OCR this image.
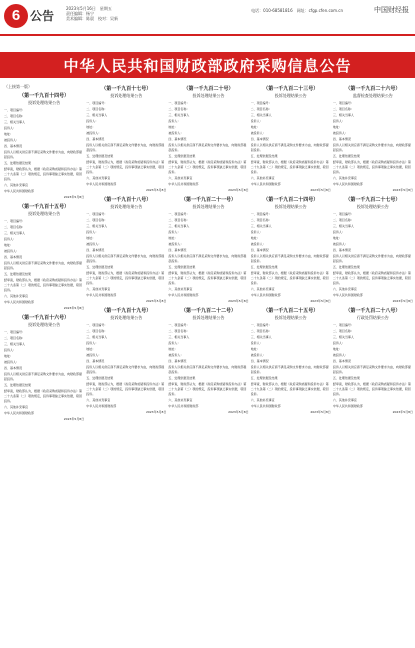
6 公告
2023年5月16日　星期五
责任编辑：杨宁
美术编辑：陈晨　校对：吴新
电话：010-68581816　网址：cfgp.cfen.com.cn	中国财经报
中华人民共和国财政部政府采购信息公告
（上接第一版）
（第一千九百十四号）
投诉处理结果公告
一、项目编号：
二、项目名称：
三、相关当事人
投诉人：
地址：
被投诉人：
四、基本情况
投诉人以相关供应商不满足采购文件要求为由，向财政部提起投诉。
五、处理依据及结果
经审查，财政部认为，根据《政府采购质疑和投诉办法》第二十九条第（二）项的规定，投诉事项缺乏事实依据，驳回投诉。
六、其他补充事宜
中华人民共和国财政部
2023年5月8日
（第一千九百十五号）
投诉处理结果公告
一、项目编号：
二、项目名称：
三、相关当事人
投诉人：
地址：
被投诉人：
四、基本情况
投诉人以相关供应商不满足采购文件要求为由，向财政部提起投诉。
五、处理依据及结果
经审查，财政部认为，根据《政府采购质疑和投诉办法》第二十九条第（二）项的规定，投诉事项缺乏事实依据，驳回投诉。
六、其他补充事宜
中华人民共和国财政部
2023年5月8日
（第一千九百十六号）
投诉处理结果公告
一、项目编号：
二、项目名称：
三、相关当事人
投诉人：
地址：
被投诉人：
四、基本情况
投诉人以相关供应商不满足采购文件要求为由，向财政部提起投诉。
五、处理依据及结果
经审查，财政部认为，根据《政府采购质疑和投诉办法》第二十九条第（二）项的规定，投诉事项缺乏事实依据，驳回投诉。
六、其他补充事宜
中华人民共和国财政部
2023年5月8日
（第一千九百十七号）
投诉处理结果公告
一、项目编号：
二、项目名称：
三、相关当事人
投诉人：
地址：
被投诉人：
四、基本情况
投诉人以相关供应商不满足采购文件要求为由，向财政部提起投诉。
五、处理依据及结果
经审查，财政部认为，根据《政府采购质疑和投诉办法》第二十九条第（二）项的规定，投诉事项缺乏事实依据，驳回投诉。
六、其他补充事宜
中华人民共和国财政部
2023年5月8日
（第一千九百十八号）
投诉处理结果公告
一、项目编号：
二、项目名称：
三、相关当事人
投诉人：
地址：
被投诉人：
四、基本情况
投诉人以相关供应商不满足采购文件要求为由，向财政部提起投诉。
五、处理依据及结果
经审查，财政部认为，根据《政府采购质疑和投诉办法》第二十九条第（二）项的规定，投诉事项缺乏事实依据，驳回投诉。
六、其他补充事宜
中华人民共和国财政部
2023年5月8日
（第一千九百十九号）
投诉处理结果公告
一、项目编号：
二、项目名称：
三、相关当事人
投诉人：
地址：
被投诉人：
四、基本情况
投诉人以相关供应商不满足采购文件要求为由，向财政部提起投诉。
五、处理依据及结果
经审查，财政部认为，根据《政府采购质疑和投诉办法》第二十九条第（二）项的规定，投诉事项缺乏事实依据，驳回投诉。
六、其他补充事宜
中华人民共和国财政部
2023年5月8日
（第一千九百二十号）
投诉处理结果公告
一、项目编号：
二、项目名称：
三、相关当事人
投诉人：
地址：
被投诉人：
四、基本情况
投诉人以相关供应商不满足采购文件要求为由，向财政部提起投诉。
五、处理依据及结果
经审查，财政部认为，根据《政府采购质疑和投诉办法》第二十九条第（二）项的规定，投诉事项缺乏事实依据，驳回投诉。
六、其他补充事宜
中华人民共和国财政部
2023年5月8日
（第一千九百二十一号）
投诉处理结果公告
一、项目编号：
二、项目名称：
三、相关当事人
投诉人：
地址：
被投诉人：
四、基本情况
投诉人以相关供应商不满足采购文件要求为由，向财政部提起投诉。
五、处理依据及结果
经审查，财政部认为，根据《政府采购质疑和投诉办法》第二十九条第（二）项的规定，投诉事项缺乏事实依据，驳回投诉。
六、其他补充事宜
中华人民共和国财政部
2023年5月8日
（第一千九百二十二号）
投诉处理结果公告
一、项目编号：
二、项目名称：
三、相关当事人
投诉人：
地址：
被投诉人：
四、基本情况
投诉人以相关供应商不满足采购文件要求为由，向财政部提起投诉。
五、处理依据及结果
经审查，财政部认为，根据《政府采购质疑和投诉办法》第二十九条第（二）项的规定，投诉事项缺乏事实依据，驳回投诉。
六、其他补充事宜
中华人民共和国财政部
2023年5月8日
（第一千九百二十三号）
投诉处理结果公告
一、项目编号：
二、项目名称：
三、相关当事人
投诉人：
地址：
被投诉人：
四、基本情况
投诉人以相关供应商不满足采购文件要求为由，向财政部提起投诉。
五、处理依据及结果
经审查，财政部认为，根据《政府采购质疑和投诉办法》第二十九条第（二）项的规定，投诉事项缺乏事实依据，驳回投诉。
六、其他补充事宜
中华人民共和国财政部
2023年5月8日
（第一千九百二十四号）
投诉处理结果公告
一、项目编号：
二、项目名称：
三、相关当事人
投诉人：
地址：
被投诉人：
四、基本情况
投诉人以相关供应商不满足采购文件要求为由，向财政部提起投诉。
五、处理依据及结果
经审查，财政部认为，根据《政府采购质疑和投诉办法》第二十九条第（二）项的规定，投诉事项缺乏事实依据，驳回投诉。
六、其他补充事宜
中华人民共和国财政部
2023年5月8日
（第一千九百二十五号）
投诉处理结果公告
一、项目编号：
二、项目名称：
三、相关当事人
投诉人：
地址：
被投诉人：
四、基本情况
投诉人以相关供应商不满足采购文件要求为由，向财政部提起投诉。
五、处理依据及结果
经审查，财政部认为，根据《政府采购质疑和投诉办法》第二十九条第（二）项的规定，投诉事项缺乏事实依据，驳回投诉。
六、其他补充事宜
中华人民共和国财政部
2023年5月8日
（第一千九百二十六号）
监督检查处理结果公告
一、项目编号：
二、项目名称：
三、相关当事人
投诉人：
地址：
被投诉人：
四、基本情况
投诉人以相关供应商不满足采购文件要求为由，向财政部提起投诉。
五、处理依据及结果
经审查，财政部认为，根据《政府采购质疑和投诉办法》第二十九条第（二）项的规定，投诉事项缺乏事实依据，驳回投诉。
六、其他补充事宜
中华人民共和国财政部
2023年5月8日
（第一千九百二十七号）
投诉处理结果公告
一、项目编号：
二、项目名称：
三、相关当事人
投诉人：
地址：
被投诉人：
四、基本情况
投诉人以相关供应商不满足采购文件要求为由，向财政部提起投诉。
五、处理依据及结果
经审查，财政部认为，根据《政府采购质疑和投诉办法》第二十九条第（二）项的规定，投诉事项缺乏事实依据，驳回投诉。
六、其他补充事宜
中华人民共和国财政部
2023年5月8日
（第一千九百二十八号）
行政处罚结果公告
一、项目编号：
二、项目名称：
三、相关当事人
投诉人：
地址：
被投诉人：
四、基本情况
投诉人以相关供应商不满足采购文件要求为由，向财政部提起投诉。
五、处理依据及结果
经审查，财政部认为，根据《政府采购质疑和投诉办法》第二十九条第（二）项的规定，投诉事项缺乏事实依据，驳回投诉。
六、其他补充事宜
中华人民共和国财政部
2023年5月8日
